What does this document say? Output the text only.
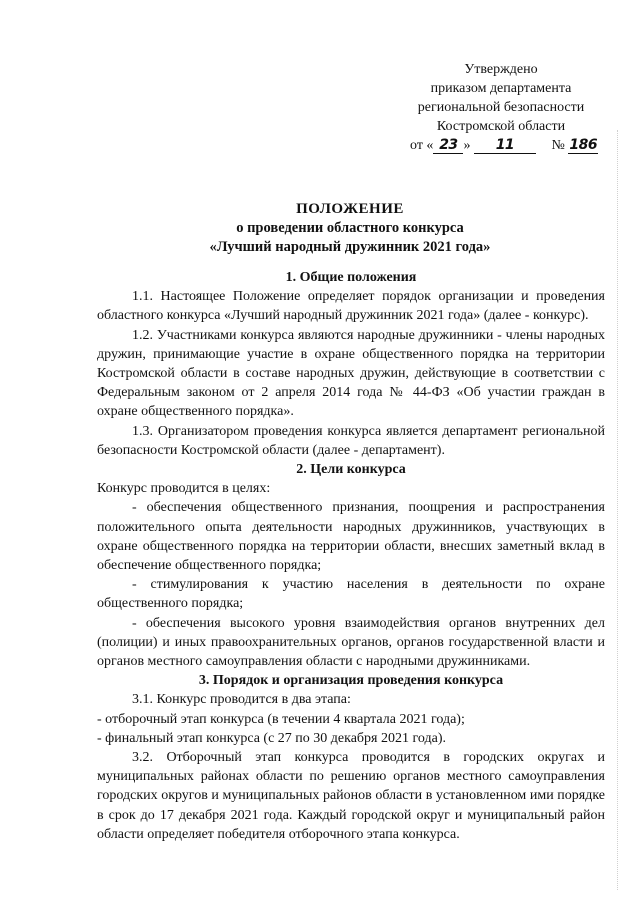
Утверждено
приказом департамента
региональной безопасности
Костромской области
от « 23 » 11	№ 186
ПОЛОЖЕНИЕ
о проведении областного конкурса
«Лучший народный дружинник 2021 года»
1. Общие положения

1.1. Настоящее Положение определяет порядок организации и проведения областного конкурса «Лучший народный дружинник 2021 года» (далее - конкурс).

1.2. Участниками конкурса являются народные дружинники - члены народных дружин, принимающие участие в охране общественного порядка на территории Костромской области в составе народных дружин, действующие в соответствии с Федеральным законом от 2 апреля 2014 года № 44-ФЗ «Об участии граждан в охране общественного порядка».

1.3. Организатором проведения конкурса является департамент региональной безопасности Костромской области (далее - департамент).

2. Цели конкурса

Конкурс проводится в целях:

- обеспечения общественного признания, поощрения и распространения положительного опыта деятельности народных дружинников, участвующих в охране общественного порядка на территории области, внесших заметный вклад в обеспечение общественного порядка;

- стимулирования к участию населения в деятельности по охране общественного порядка;

- обеспечения высокого уровня взаимодействия органов внутренних дел (полиции) и иных правоохранительных органов, органов государственной власти и органов местного самоуправления области с народными дружинниками.

3. Порядок и организация проведения конкурса

3.1. Конкурс проводится в два этапа:

- отборочный этап конкурса (в течении 4 квартала 2021 года);

- финальный этап конкурса (с 27 по 30 декабря 2021 года).

3.2. Отборочный этап конкурса проводится в городских округах и муниципальных районах области по решению органов местного самоуправления городских округов и муниципальных районов области в установленном ими порядке в срок до 17 декабря 2021 года. Каждый городской округ и муниципальный район области определяет победителя отборочного этапа конкурса.
